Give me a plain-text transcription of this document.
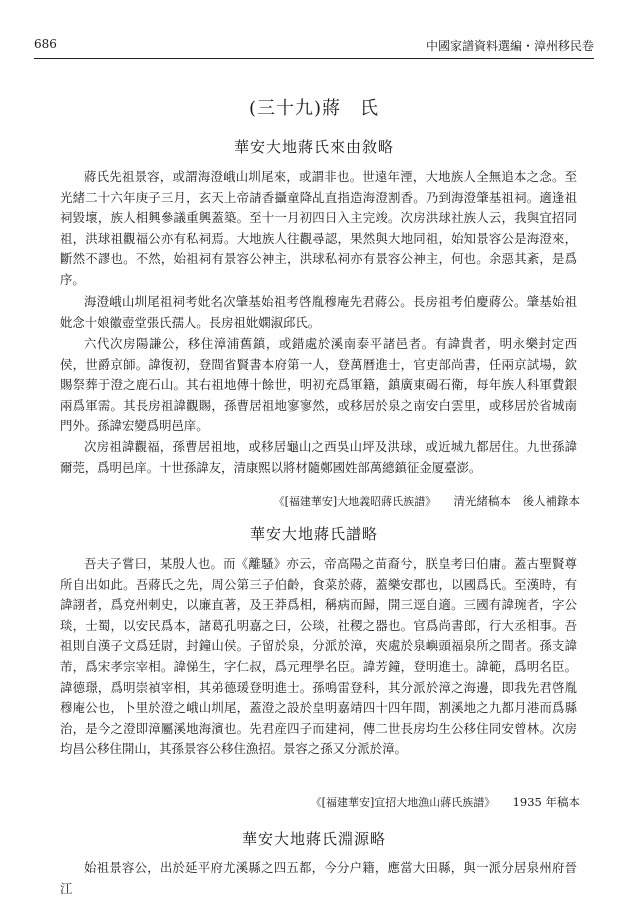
686	中國家譜資料選編・漳州移民卷
(三十九)蔣　氏
華安大地蔣氏來由敘略

蔣氏先祖景容，或謂海澄峨山圳尾來，或謂非也。世遠年湮，大地族人全無追本之念。至光緒二十六年庚子三月，玄天上帝請香攝童降乩直指造海澄割香。乃到海澄肇基祖祠。適逢祖祠毀壞，族人相興參議重興蓋築。至十一月初四日入主完竣。次房洪球社族人云，我與宜招同祖，洪球祖觀福公亦有私祠焉。大地族人往觀尋認，果然與大地同祖，始知景容公是海澄來，斷然不謬也。不然，始祖祠有景容公神主，洪球私祠亦有景容公神主，何也。余惡其紊，是爲序。

海澄峨山圳尾祖祠考妣名次肇基始祖考啓胤穆庵先君蔣公。長房祖考伯慶蔣公。肇基始祖妣念十娘徽壺堂張氏孺人。長房祖妣嫻淑邱氏。

六代次房陽謙公，移住漳浦舊鎮，或錯處於溪南泰平諸邑者。有諱貴者，明永樂封定西侯，世爵京師。諱復初，登間省賢書本府第一人，登萬曆進士，官吏部尚書，任兩京試場，欽賜祭葬于澄之鹿石山。其右祖地傳十餘世，明初充爲軍籍，鎮廣東碣石衛，每年族人科軍費銀兩爲軍需。其長房祖諱觀賜，孫曹居祖地寥寥然，或移居於泉之南安白雲里，或移居於省城南門外。孫諱宏變爲明邑庠。

次房祖諱觀福，孫曹居祖地，或移居龜山之西吳山坪及洪球，或近城九都居住。九世孫諱爾莞，爲明邑庠。十世孫諱友，清康熙以將材隨鄭國姓部萬總鎮征金厦臺澎。

《[福建華安]大地義昭蔣氏族譜》 清光緒稿本　後人補錄本
華安大地蔣氏譜略

吾夫子嘗曰，某殷人也。而《離騷》亦云，帝高陽之苗裔兮，朕皇考曰伯庸。蓋古聖賢尊所自出如此。吾蔣氏之先，周公第三子伯齡，食菜於蔣，蓋樂安郡也，以國爲氏。至漢時，有諱詡者，爲兗州刺史，以廉直著，及王莽爲相，稱病而歸，開三逕自適。三國有諱琬者，字公琰，士蜀，以安民爲本，諸葛孔明嘉之曰，公琰，社稷之器也。官爲尚書郎，行大丞相事。吾祖則自漢子文爲廷尉，封鐘山侯。子留於泉，分派於漳，夾處於泉嶼頭福泉所之間者。孫支諱芾，爲宋孝宗宰相。諱悌生，字仁叔，爲元理學名臣。諱芳鐘，登明進士。諱範，爲明名臣。諱德璟，爲明崇禎宰相，其弟德瑗登明進士。孫鳴雷登科，其分派於漳之海邊，即我先君啓胤穆庵公也，卜里於澄之峨山圳尾，蓋澄之設於皇明嘉靖四十四年間，割溪地之九都月港而爲縣治，是今之澄即漳屬溪地海濱也。先君産四子而建祠，傳二世長房均生公移住同安曾林。次房均昌公移住開山，其孫景容公移住漁招。景容之孫又分派於漳。

《[福建華安]宜招大地漁山蔣氏族譜》 1935 年稿本
華安大地蔣氏淵源略

始祖景容公，出於延平府尤溪縣之四五都，今分户籍，應當大田縣，與一派分居泉州府晉江
